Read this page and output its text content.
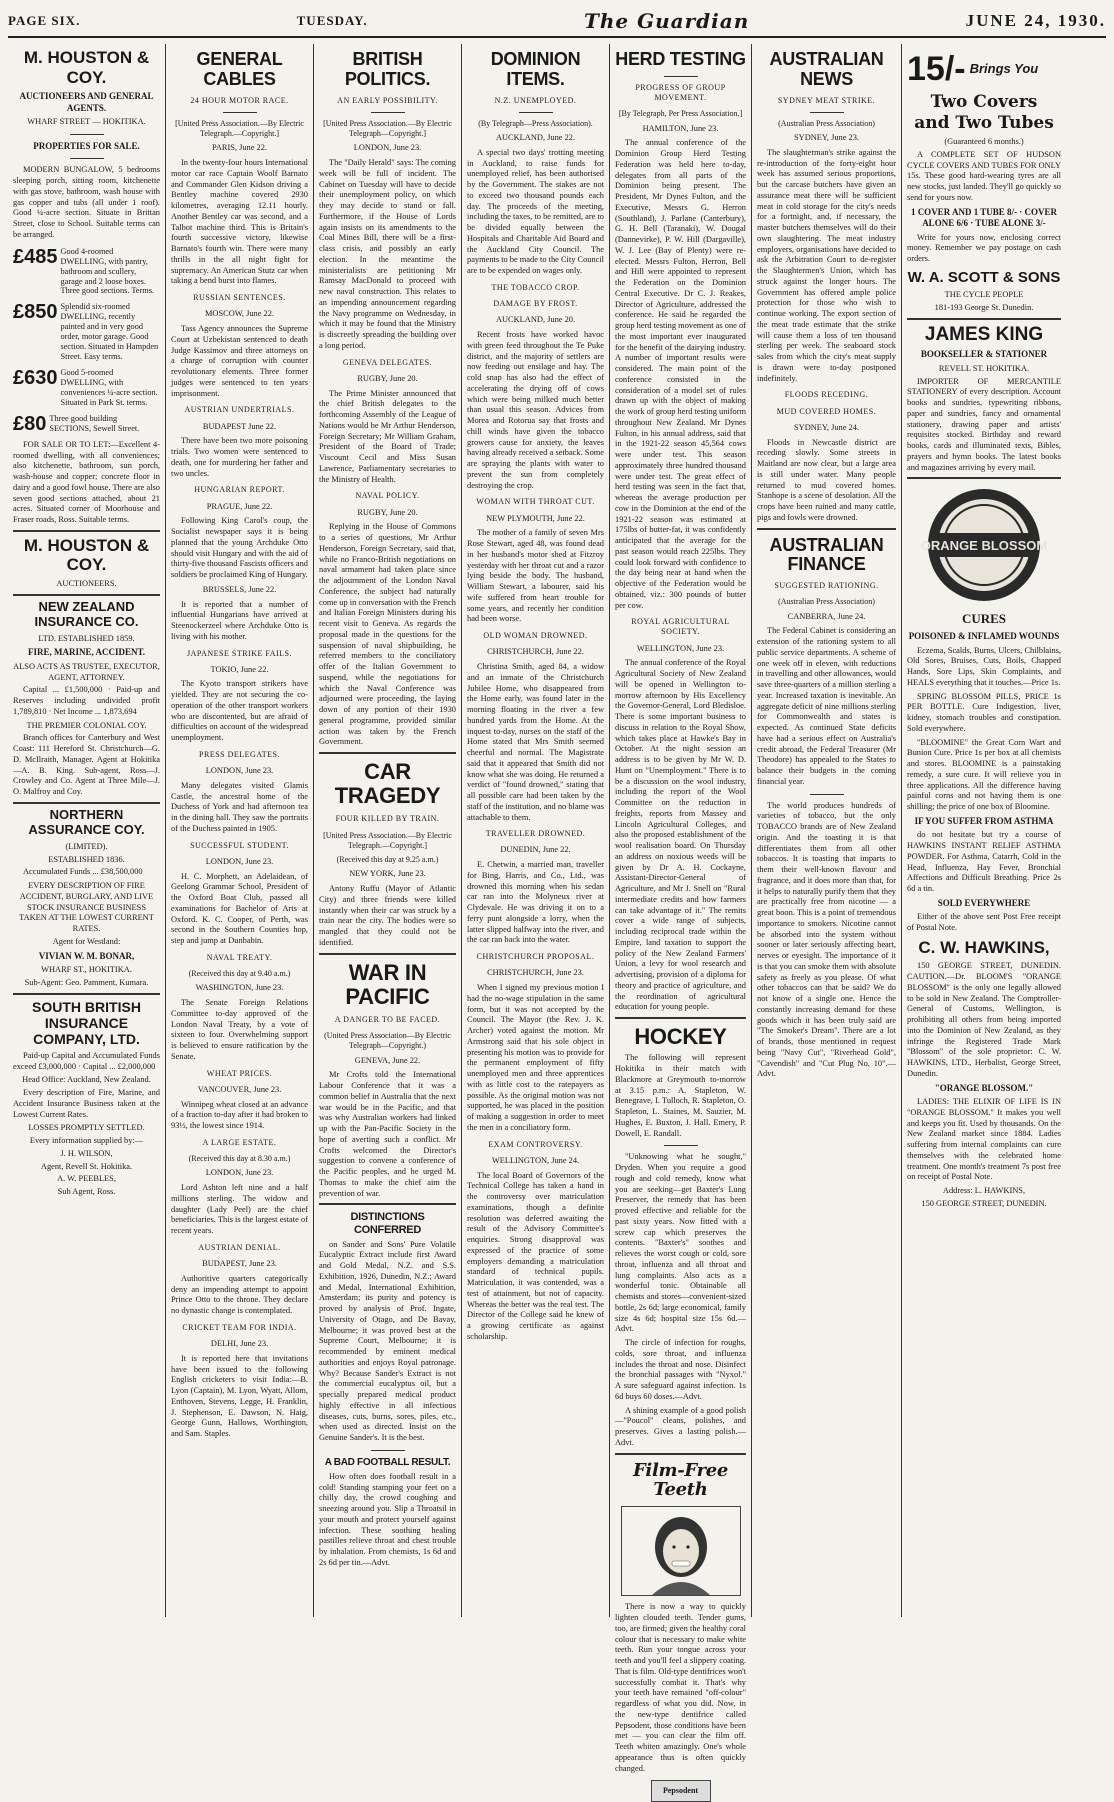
PAGE SIX.	TUESDAY.	The Guardian	JUNE 24, 1930.
M. HOUSTON & COY.
AUCTIONEERS AND GENERAL AGENTS.
WHARF STREET — HOKITIKA.
PROPERTIES FOR SALE.
MODERN BUNGALOW, 5 bedrooms sleeping porch, sitting room, kitchenette with gas stove, bathroom, wash house with gas copper and tubs (all under 1 roof). Good ¼-acre section. Situate in Brittan Street, close to School. Suitable terms can be arranged.
£485 Good 4-roomed DWELLING, with pantry, bathroom and scullery, garage and 2 loose boxes. Three good sections. Terms.
£850 Splendid six-roomed DWELLING, recently painted and in very good order, motor garage. Good section. Situated in Hampden Street. Easy terms.
£630 Good 5-roomed DWELLING, with conveniences ¼-acre section. Situated in Park St. terms.
£80 Three good building SECTIONS, Sewell Street.
FOR SALE OR TO LET:—Excellent 4-roomed dwelling, with all conveniences; also kitchenette, bathroom, sun porch, wash-house and copper; concrete floor in dairy and a good fowl house. There are also seven good sections attached, about 21 acres. Situated corner of Moorhouse and Fraser roads, Ross. Suitable terms.
M. HOUSTON & COY.
AUCTIONEERS.
NEW ZEALAND INSURANCE CO.
LTD. ESTABLISHED 1859.
FIRE, MARINE, ACCIDENT.
ALSO ACTS AS TRUSTEE, EXECUTOR, AGENT, ATTORNEY.
Capital ... £1,500,000 · Paid-up and Reserves including undivided profit 1,789,810 · Net Income ... 1,873,694
THE PREMIER COLONIAL COY.
Branch offices for Canterbury and West Coast: 111 Hereford St. Christchurch—G. D. McIlraith, Manager. Agent at Hokitika—A. B. King. Sub-agent, Ross—J. Crowley and Co. Agent at Three Mile—J. O. Malfroy and Coy.
NORTHERN ASSURANCE COY.
(LIMITED).
ESTABLISHED 1836.
Accumulated Funds ... £38,500,000
EVERY DESCRIPTION OF FIRE ACCIDENT, BURGLARY, AND LIVE STOCK INSURANCE BUSINESS TAKEN AT THE LOWEST CURRENT RATES.
Agent for Westland:
VIVIAN W. M. BONAR,
WHARF ST., HOKITIKA.
Sub-Agent: Geo. Pamment, Kumara.
SOUTH BRITISH INSURANCE COMPANY, LTD.
Paid-up Capital and Accumulated Funds exceed £3,000,000 · Capital ... £2,000,000
Head Office: Auckland, New Zealand.
Every description of Fire, Marine, and Accident Insurance Business taken at the Lowest Current Rates.
LOSSES PROMPTLY SETTLED.
Every information supplied by:—
J. H. WILSON,
Agent, Revell St. Hokitika.
A. W. PEEBLES,
Sub Agent, Ross.
GENERAL CABLES
24 HOUR MOTOR RACE.
[United Press Association.—By Electric Telegraph.—Copyright.]
PARIS, June 22.
In the twenty-four hours International motor car race Captain Woolf Barnato and Commander Glen Kidson driving a Bentley machine covered 2930 kilometres, averaging 12.11 hourly. Another Bentley car was second, and a Talbot machine third. This is Britain's fourth successive victory, likewise Barnato's fourth win. There were many thrills in the all night fight for supremacy. An American Stutz car when taking a bend burst into flames.
RUSSIAN SENTENCES.
MOSCOW, June 22.
Tass Agency announces the Supreme Court at Uzbekistan sentenced to death Judge Kassimov and three attorneys on a charge of corruption with counter revolutionary elements. Three former judges were sentenced to ten years imprisonment.
AUSTRIAN UNDERTRIALS.
BUDAPEST June 22.
There have been two more poisoning trials. Two women were sentenced to death, one for murdering her father and two uncles.
HUNGARIAN REPORT.
PRAGUE, June 22.
Following King Carol's coup, the Socialist newspaper says it is being planned that the young Archduke Otto should visit Hungary and with the aid of thirty-five thousand Fascists officers and soldiers be proclaimed King of Hungary.
BRUSSELS, June 22.
It is reported that a number of influential Hungarians have arrived at Steenockerzeel where Archduke Otto is living with his mother.
JAPANESE STRIKE FAILS.
TOKIO, June 22.
The Kyoto transport strikers have yielded. They are not securing the co-operation of the other transport workers who are discontented, but are afraid of difficulties on account of the widespread unemployment.
PRESS DELEGATES.
LONDON, June 23.
Many delegates visited Glamis Castle, the ancestral home of the Duchess of York and had afternoon tea in the dining hall. They saw the portraits of the Duchess painted in 1905.
SUCCESSFUL STUDENT.
LONDON, June 23.
H. C. Morphett, an Adelaidean, of Geelong Grammar School, President of the Oxford Boat Club, passed all examinations for Bachelor of Arts at Oxford. K. C. Cooper, of Perth, was second in the Southern Counties hop, step and jump at Dunbabin.
NAVAL TREATY.
(Received this day at 9.40 a.m.)
WASHINGTON, June 23.
The Senate Foreign Relations Committee to-day approved of the London Naval Treaty, by a vote of sixteen to four. Overwhelming support is believed to ensure ratification by the Senate.
WHEAT PRICES.
VANCOUVER, June 23.
Winnipeg wheat closed at an advance of a fraction to-day after it had broken to 93½, the lowest since 1914.
A LARGE ESTATE.
(Received this day at 8.30 a.m.)
LONDON, June 23.
Lord Ashton left nine and a half millions sterling. The widow and daughter (Lady Peel) are the chief beneficiaries. This is the largest estate of recent years.
AUSTRIAN DENIAL.
BUDAPEST, June 23.
Authoritive quarters categorically deny an impending attempt to appoint Prince Otto to the throne. They declare no dynastic change is contemplated.
CRICKET TEAM FOR INDIA.
DELHI, June 23.
It is reported here that invitations have been issued to the following English cricketers to visit India:—B. Lyon (Captain), M. Lyon, Wyatt, Allom, Enthoven, Stevens, Legge, H. Franklin, J. Stephenson, E. Dawson, N. Haig, George Gunn, Hallows, Worthington, and Sam. Staples.
BRITISH POLITICS.
AN EARLY POSSIBILITY.
[United Press Association.—By Electric Telegraph—Copyright.]
LONDON, June 23.
The "Daily Herald" says: The coming week will be full of incident. The Cabinet on Tuesday will have to decide their unemployment policy, on which they may decide to stand or fall. Furthermore, if the House of Lords again insists on its amendments to the Coal Mines Bill, there will be a first-class crisis, and possibly an early election. In the meantime the ministerialists are petitioning Mr Ramsay MacDonald to proceed with new naval construction. This relates to an impending announcement regarding the Navy programme on Wednesday, in which it may be found that the Ministry is discreetly spreading the building over a long period.
GENEVA DELEGATES.
RUGBY, June 20.
The Prime Minister announced that the chief British delegates to the forthcoming Assembly of the League of Nations would be Mr Arthur Henderson, Foreign Secretary; Mr William Graham, President of the Board of Trade; Viscount Cecil and Miss Susan Lawrence, Parliamentary secretaries to the Ministry of Health.
NAVAL POLICY.
RUGBY, June 20.
Replying in the House of Commons to a series of questions, Mr Arthur Henderson, Foreign Secretary, said that, while no Franco-British negotiations on naval armament had taken place since the adjournment of the London Naval Conference, the subject had naturally come up in conversation with the French and Italian Foreign Ministers during his recent visit to Geneva. As regards the proposal made in the questions for the suspension of naval shipbuilding, he referred members to the conciliatory offer of the Italian Government to suspend, while the negotiations for which the Naval Conference was adjourned were proceeding, the laying down of any portion of their 1930 general programme, provided similar action was taken by the French Government.
CAR TRAGEDY
FOUR KILLED BY TRAIN.
[United Press Association.—By Electric Telegraph.—Copyright.]
(Received this day at 9.25 a.m.)
NEW YORK, June 23.
Antony Ruffu (Mayor of Atlantic City) and three friends were killed instantly when their car was struck by a train near the city. The bodies were so mangled that they could not be identified.
WAR IN PACIFIC
A DANGER TO BE FACED.
(United Press Association—By Electric Telegraph—Copyright.)
GENEVA, June 22.
Mr Crofts told the International Labour Conference that it was a common belief in Australia that the next war would be in the Pacific, and that was why Australian workers had linked up with the Pan-Pacific Society in the hope of averting such a conflict. Mr Crofts welcomed the Director's suggestion to convene a conference of the Pacific peoples, and he urged M. Thomas to make the chief aim the prevention of war.
DISTINCTIONS CONFERRED
on Sander and Sons' Pure Volatile Eucalyptic Extract include first Award and Gold Medal, N.Z. and S.S. Exhibition, 1926, Dunedin, N.Z.; Award and Medal, International Exhibition, Amsterdam; its purity and potency is proved by analysis of Prof. Ingate, University of Otago, and De Bavay, Melbourne; it was proved best at the Supreme Court, Melbourne; it is recommended by eminent medical authorities and enjoys Royal patronage. Why? Because Sander's Extract is not the commercial eucalyptus oil, but a specially prepared medical product highly effective in all infectious diseases, cuts, burns, sores, piles, etc., when used as directed. Insist on the Genuine Sander's. It is the best.
A BAD FOOTBALL RESULT.
How often does football result in a cold! Standing stamping your feet on a chilly day, the crowd coughing and sneezing around you. Slip a Throatsil in your mouth and protect yourself against infection. These soothing healing pastilles relieve throat and chest trouble by inhalation. From chemists, 1s 6d and 2s 6d per tin.—Advt.
DOMINION ITEMS.
N.Z. UNEMPLOYED.
(By Telegraph—Press Association).
AUCKLAND, June 22.
A special two days' trotting meeting in Auckland, to raise funds for unemployed relief, has been authorised by the Government. The stakes are not to exceed two thousand pounds each day. The proceeds of the meeting, including the taxes, to be remitted, are to be divided equally between the Hospitals and Charitable Aid Board and the Auckland City Council. The payments to be made to the City Council are to be expended on wages only.
THE TOBACCO CROP.
DAMAGE BY FROST.
AUCKLAND, June 20.
Recent frosts have worked havoc with green feed throughout the Te Puke district, and the majority of settlers are now feeding out ensilage and hay. The cold snap has also had the effect of accelerating the drying off of cows which were being milked much better than usual this season. Advices from Morea and Rotorua say that frosts and chill winds have given the tobacco growers cause for anxiety, the leaves having already received a setback. Some are spraying the plants with water to prevent the sun from completely destroying the crop.
WOMAN WITH THROAT CUT.
NEW PLYMOUTH, June 22.
The mother of a family of seven Mrs Rose Stewart, aged 48, was found dead in her husband's motor shed at Fitzroy yesterday with her throat cut and a razor lying beside the body. The husband, William Stewart, a labourer, said his wife suffered from heart trouble for some years, and recently her condition had been worse.
OLD WOMAN DROWNED.
CHRISTCHURCH, June 22.
Christina Smith, aged 84, a widow and an inmate of the Christchurch Jubilee Home, who disappeared from the Home early, was found later in the morning floating in the river a few hundred yards from the Home. At the inquest to-day, nurses on the staff of the Home stated that Mrs Smith seemed cheerful and normal. The Magistrate said that it appeared that Smith did not know what she was doing. He returned a verdict of "found drowned," stating that all possible care had been taken by the staff of the institution, and no blame was attachable to them.
TRAVELLER DROWNED.
DUNEDIN, June 22.
E. Chetwin, a married man, traveller for Bing, Harris, and Co., Ltd., was drowned this morning when his sedan car ran into the Molyneux river at Clydevale. He was driving it on to a ferry punt alongside a lorry, when the latter slipped halfway into the river, and the car ran back into the water.
CHRISTCHURCH PROPOSAL.
CHRISTCHURCH, June 23.
When I signed my previous motion I had the no-wage stipulation in the same form, but it was not accepted by the Council. The Mayor (the Rev. J. K. Archer) voted against the motion. Mr Armstrong said that his sole object in presenting his motion was to provide for the permanent employment of fifty unemployed men and three apprentices with as little cost to the ratepayers as possible. As the original motion was not supported, he was placed in the position of making a suggestion in order to meet the men in a conciliatory form.
EXAM CONTROVERSY.
WELLINGTON, June 24.
The local Board of Governors of the Technical College has taken a hand in the controversy over matriculation examinations, though a definite resolution was deferred awaiting the result of the Advisory Committee's enquiries. Strong disapproval was expressed of the practice of some employers demanding a matriculation standard of technical pupils. Matriculation, it was contended, was a test of attainment, but not of capacity. Whereas the better was the real test. The Director of the College said he knew of a growing certificate as against scholarship.
HERD TESTING
PROGRESS OF GROUP MOVEMENT.
[By Telegraph, Per Press Association.]
HAMILTON, June 23.
The annual conference of the Dominion Group Herd Testing Federation was held here to-day, delegates from all parts of the Dominion being present. The President, Mr Dynes Fulton, and the Executive, Messrs G. Herron (Southland), J. Parlane (Canterbury), G. H. Bell (Taranaki), W. Dougal (Dannevirke), P. W. Hill (Dargaville), W. J. Lee (Bay of Plenty) were re-elected. Messrs Fulton, Herron, Bell and Hill were appointed to represent the Federation on the Dominion Central Executive. Dr C. J. Reakes, Director of Agriculture, addressed the conference. He said he regarded the group herd testing movement as one of the most important ever inaugurated for the benefit of the dairying industry. A number of important results were considered. The main point of the conference consisted in the consideration of a model set of rules drawn up with the object of making the work of group herd testing uniform throughout New Zealand. Mr Dynes Fulton, in his annual address, said that in the 1921-22 season 45,564 cows were under test. This season approximately three hundred thousand were under test. The great effect of herd testing was seen in the fact that, whereas the average production per cow in the Dominion at the end of the 1921-22 season was estimated at 175lbs of butter-fat, it was confidently anticipated that the average for the past season would reach 225lbs. They could look forward with confidence to the day being near at hand when the objective of the Federation would be obtained, viz.: 300 pounds of butter per cow.
ROYAL AGRICULTURAL SOCIETY.
WELLINGTON, June 23.
The annual conference of the Royal Agricultural Society of New Zealand will be opened in Wellington to-morrow afternoon by His Excellency the Governor-General, Lord Bledisloe. There is some important business to discuss in relation to the Royal Show, which takes place at Hawke's Bay in October. At the night session an address is to be given by Mr W. D. Hunt on "Unemployment." There is to be a discussion on the wool industry, including the report of the Wool Committee on the reduction in freights, reports from Massey and Lincoln Agricultural Colleges, and also the proposed establishment of the wool realisation board. On Thursday an address on noxious weeds will be given by Dr A. H. Cockayne, Assistant-Director-General of Agriculture, and Mr J. Snell on "Rural intermediate credits and how farmers can take advantage of it." The remits cover a wide range of subjects, including reciprocal trade within the Empire, land taxation to support the policy of the New Zealand Farmers' Union, a levy for wool research and advertising, provision of a diploma for theory and practice of agriculture, and the reordination of agricultural education for young people.
HOCKEY
The following will represent Hokitika in their match with Blackmore at Greymouth to-morrow at 3.15 p.m.: A. Stapleton, W. Benegrave, I. Tulloch, R. Stapleton, O. Stapleton, L. Staines, M. Sauzier, M. Hughes, E. Buxton, J. Hall. Emery, P. Dowell, E. Randall.
"Unknowing what he sought," Dryden. When you require a good rough and cold remedy, know what you are seeking—get Baxter's Lung Preserver, the remedy that has been proved effective and reliable for the past sixty years. Now fitted with a screw cap which preserves the contents. "Baxter's" soothes and relieves the worst cough or cold, sore throat, influenza and all throat and lung complaints. Also acts as a wonderful tonic. Obtainable all chemists and stores—convenient-sized bottle, 2s 6d; large economical, family size 4s 6d; hospital size 15s 6d.—Advt.
The circle of infection for roughs, colds, sore throat, and influenza includes the throat and nose. Disinfect the bronchial passages with "Nyxol." A sure safeguard against infection. 1s 6d buys 60 doses.—Advt.
A shining example of a good polish—"Poucol" cleans, polishes, and preserves. Gives a lasting polish.—Advt.
Film-Free Teeth
There is now a way to quickly lighten clouded teeth. Tender gums, too, are firmed; given the healthy coral colour that is necessary to make white teeth. Run your tongue across your teeth and you'll feel a slippery coating. That is film. Old-type dentifrices won't successfully combat it. That's why your teeth have remained "off-colour" regardless of what you did. Now, in the new-type dentifrice called Pepsodent, those conditions have been met — you can clear the film off. Teeth whiten amazingly. One's whole appearance thus is often quickly changed.
Pepsodent
AUSTRALIAN NEWS
SYDNEY MEAT STRIKE.
(Australian Press Association)
SYDNEY, June 23.
The slaughterman's strike against the re-introduction of the forty-eight hour week has assumed serious proportions, but the carcase butchers have given an assurance meat there will be sufficient meat in cold storage for the city's needs for a fortnight, and, if necessary, the master butchers themselves will do their own slaughtering. The meat industry employers, organisations have decided to ask the Arbitration Court to de-register the Slaughtermen's Union, which has struck against the longer hours. The Government has offered ample police protection for those who wish to continue working. The export section of the meat trade estimate that the strike will cause them a loss of ten thousand sterling per week. The seaboard stock sales from which the city's meat supply is drawn were to-day postponed indefinitely.
FLOODS RECEDING.
MUD COVERED HOMES.
SYDNEY, June 24.
Floods in Newcastle district are receding slowly. Some streets in Maitland are now clear, but a large area is still under water. Many people returned to mud covered homes. Stanhope is a scene of desolation. All the crops have been ruined and many cattle, pigs and fowls were drowned.
AUSTRALIAN FINANCE
SUGGESTED RATIONING.
(Australian Press Association)
CANBERRA, June 24.
The Federal Cabinet is considering an extension of the rationing system to all public service departments. A scheme of one week off in eleven, with reductions in travelling and other allowances, would save three-quarters of a million sterling a year. Increased taxation is inevitable. An aggregate deficit of nine millions sterling for Commonwealth and states is expected. As continued State deficits have had a serious effect on Australia's credit abroad, the Federal Treasurer (Mr Theodore) has appealed to the States to balance their budgets in the coming financial year.
The world produces hundreds of varieties of tobacco, but the only TOBACCO brands are of New Zealand origin. And the toasting it is that differentiates them from all other tobaccos. It is toasting that imparts to them their well-known flavour and fragrance, and it does more than that, for it helps to naturally purify them that they are practically free from nicotine — a great boon. This is a point of tremendous importance to smokers. Nicotine cannot be absorbed into the system without sooner or later seriously affecting heart, nerves or eyesight. The importance of it is that you can smoke them with absolute safety as freely as you please. Of what other tobaccos can that be said? We do not know of a single one. Hence the constantly increasing demand for these goods which it has been truly said are "The Smoker's Dream". There are a lot of brands, those mentioned in request being "Navy Cut", "Riverhead Gold", "Cavendish" and "Cut Plug No. 10".—Advt.
15/- Brings You
Two Covers
and Two Tubes
(Guaranteed 6 months.)
A COMPLETE SET OF HUDSON CYCLE COVERS AND TUBES FOR ONLY 15s. These good hard-wearing tyres are all new stocks, just landed. They'll go quickly so send for yours now.
1 COVER AND 1 TUBE 8/- · COVER ALONE 6/6 · TUBE ALONE 3/-
Write for yours now, enclosing correct money. Remember we pay postage on cash orders.
W. A. SCOTT & SONS
THE CYCLE PEOPLE
181-193 George St. Dunedin.
JAMES KING
BOOKSELLER & STATIONER
REVELL ST. HOKITIKA.
IMPORTER OF MERCANTILE STATIONERY of every description. Account books and sundries, typewriting ribbons, paper and sundries, fancy and ornamental stationery, drawing paper and artists' requisites stocked. Birthday and reward books, cards and illuminated texts, Bibles, prayers and hymn books. The latest books and magazines arriving by every mail.
ORANGE BLOSSOM
CURES
POISONED & INFLAMED WOUNDS
Eczema, Scalds, Burns, Ulcers, Chilblains, Old Sores, Bruises, Cuts, Boils, Chapped Hands, Sore Lips, Skin Complaints, and HEALS everything that it touches.—Price 1s.
SPRING BLOSSOM PILLS, PRICE 1s PER BOTTLE. Cure Indigestion, liver, kidney, stomach troubles and constipation. Sold everywhere.
"BLOOMINE" the Great Corn Wart and Bunion Cure. Price 1s per box at all chemists and stores. BLOOMINE is a painstaking remedy, a sure cure. It will relieve you in three applications. All the difference having painful corns and not having them is one shilling; the price of one box of Bloomine.
IF YOU SUFFER FROM ASTHMA
do not hesitate but try a course of HAWKINS INSTANT RELIEF ASTHMA POWDER. For Asthma, Catarrh, Cold in the Head, Influenza, Hay Fever, Bronchial Affections and Difficult Breathing. Price 2s 6d a tin.
SOLD EVERYWHERE
Either of the above sent Post Free receipt of Postal Note.
C. W. HAWKINS,
150 GEORGE STREET, DUNEDIN. CAUTION.—Dr. BLOOM'S "ORANGE BLOSSOM" is the only one legally allowed to be sold in New Zealand. The Comptroller-General of Customs, Wellington, is prohibiting all others from being imported into the Dominion of New Zealand, as they infringe the Registered Trade Mark "Blossom" of the sole proprietor: C. W. HAWKINS, LTD., Herbalist, George Street, Dunedin.
"ORANGE BLOSSOM."
LADIES: THE ELIXIR OF LIFE IS IN "ORANGE BLOSSOM." It makes you well and keeps you fit. Used by thousands. On the New Zealand market since 1884. Ladies suffering from internal complaints can cure themselves with the celebrated home treatment. One month's treatment 7s post free on receipt of Postal Note.
Address: L. HAWKINS,
150 GEORGE STREET, DUNEDIN.
